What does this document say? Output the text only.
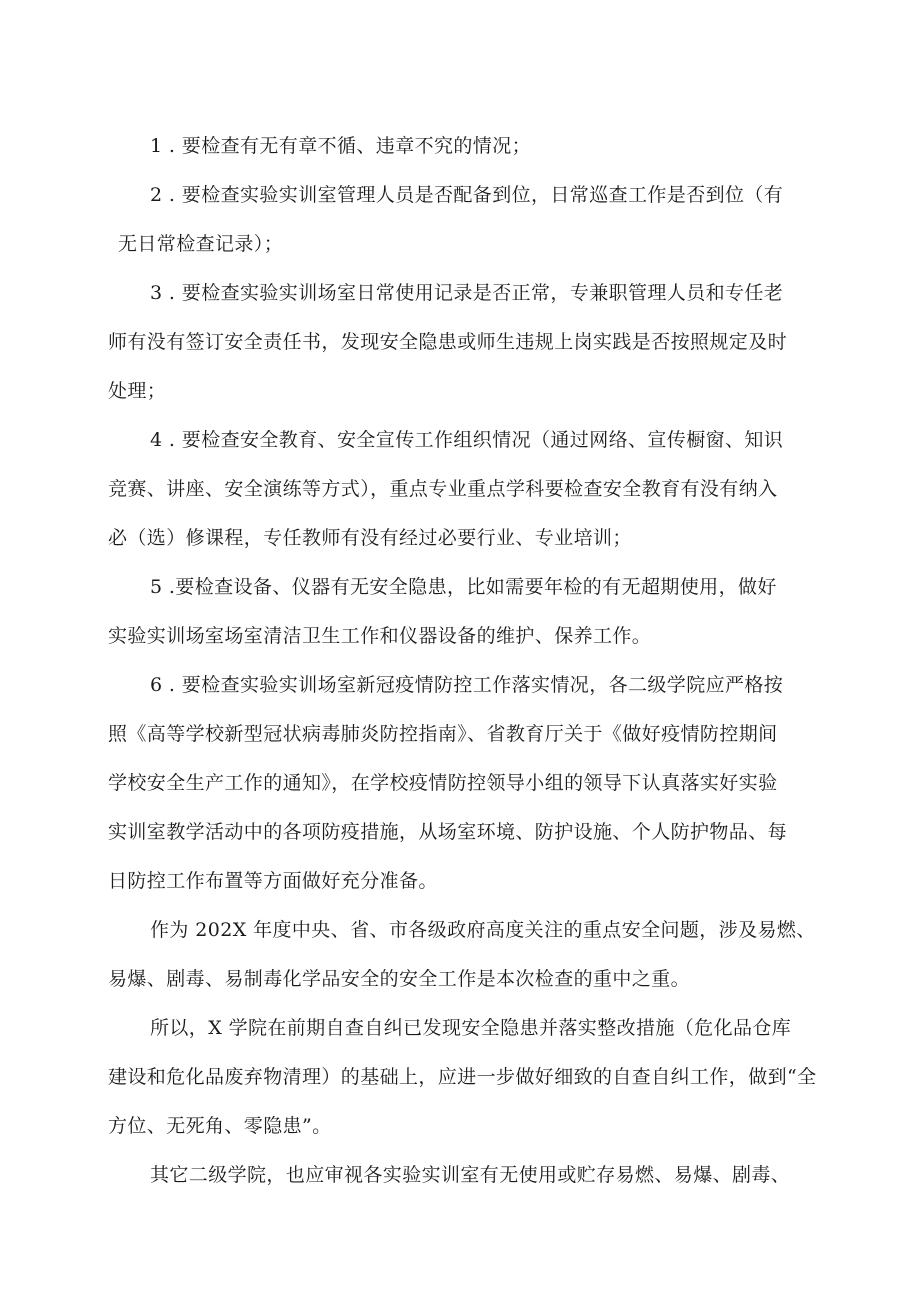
1 . 要检查有无有章不循、违章不究的情况；
2 . 要检查实验实训室管理人员是否配备到位，日常巡查工作是否到位（有
无日常检查记录）；
3 . 要检查实验实训场室日常使用记录是否正常，专兼职管理人员和专任老
师有没有签订安全责任书，发现安全隐患或师生违规上岗实践是否按照规定及时
处理；
4 . 要检查安全教育、安全宣传工作组织情况（通过网络、宣传橱窗、知识
竞赛、讲座、安全演练等方式），重点专业重点学科要检查安全教育有没有纳入
必（选）修课程，专任教师有没有经过必要行业、专业培训；
5 .要检查设备、仪器有无安全隐患，比如需要年检的有无超期使用，做好
实验实训场室场室清洁卫生工作和仪器设备的维护、保养工作。
6 . 要检查实验实训场室新冠疫情防控工作落实情况，各二级学院应严格按
照《高等学校新型冠状病毒肺炎防控指南》、省教育厅关于《做好疫情防控期间
学校安全生产工作的通知》，在学校疫情防控领导小组的领导下认真落实好实验
实训室教学活动中的各项防疫措施，从场室环境、防护设施、个人防护物品、每
日防控工作布置等方面做好充分准备。
作为 202X 年度中央、省、市各级政府高度关注的重点安全问题，涉及易燃、
易爆、剧毒、易制毒化学品安全的安全工作是本次检查的重中之重。
所以，X 学院在前期自查自纠已发现安全隐患并落实整改措施（危化品仓库
建设和危化品废弃物清理）的基础上，应进一步做好细致的自查自纠工作，做到“全
方位、无死角、零隐患”。
其它二级学院，也应审视各实验实训室有无使用或贮存易燃、易爆、剧毒、
